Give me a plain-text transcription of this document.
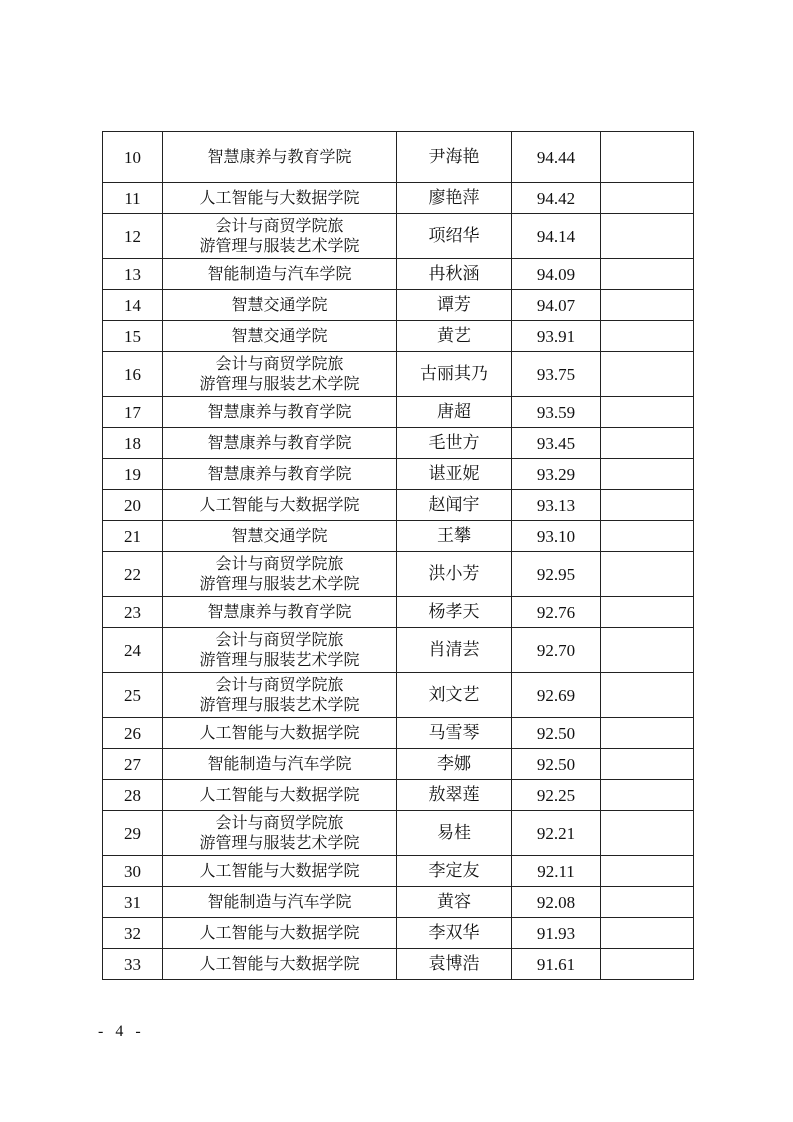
10	智慧康养与教育学院	尹海艳	94.44	
11	人工智能与大数据学院	廖艳萍	94.42	
12	会计与商贸学院旅
游管理与服装艺术学院	项绍华	94.14	
13	智能制造与汽车学院	冉秋涵	94.09	
14	智慧交通学院	谭芳	94.07	
15	智慧交通学院	黄艺	93.91	
16	会计与商贸学院旅
游管理与服装艺术学院	古丽其乃	93.75	
17	智慧康养与教育学院	唐超	93.59	
18	智慧康养与教育学院	毛世方	93.45	
19	智慧康养与教育学院	谌亚妮	93.29	
20	人工智能与大数据学院	赵闻宇	93.13	
21	智慧交通学院	王攀	93.10	
22	会计与商贸学院旅
游管理与服装艺术学院	洪小芳	92.95	
23	智慧康养与教育学院	杨孝天	92.76	
24	会计与商贸学院旅
游管理与服装艺术学院	肖清芸	92.70	
25	会计与商贸学院旅
游管理与服装艺术学院	刘文艺	92.69	
26	人工智能与大数据学院	马雪琴	92.50	
27	智能制造与汽车学院	李娜	92.50	
28	人工智能与大数据学院	敖翠莲	92.25	
29	会计与商贸学院旅
游管理与服装艺术学院	易桂	92.21	
30	人工智能与大数据学院	李定友	92.11	
31	智能制造与汽车学院	黄容	92.08	
32	人工智能与大数据学院	李双华	91.93	
33	人工智能与大数据学院	袁博浩	91.61	
- 4 -
